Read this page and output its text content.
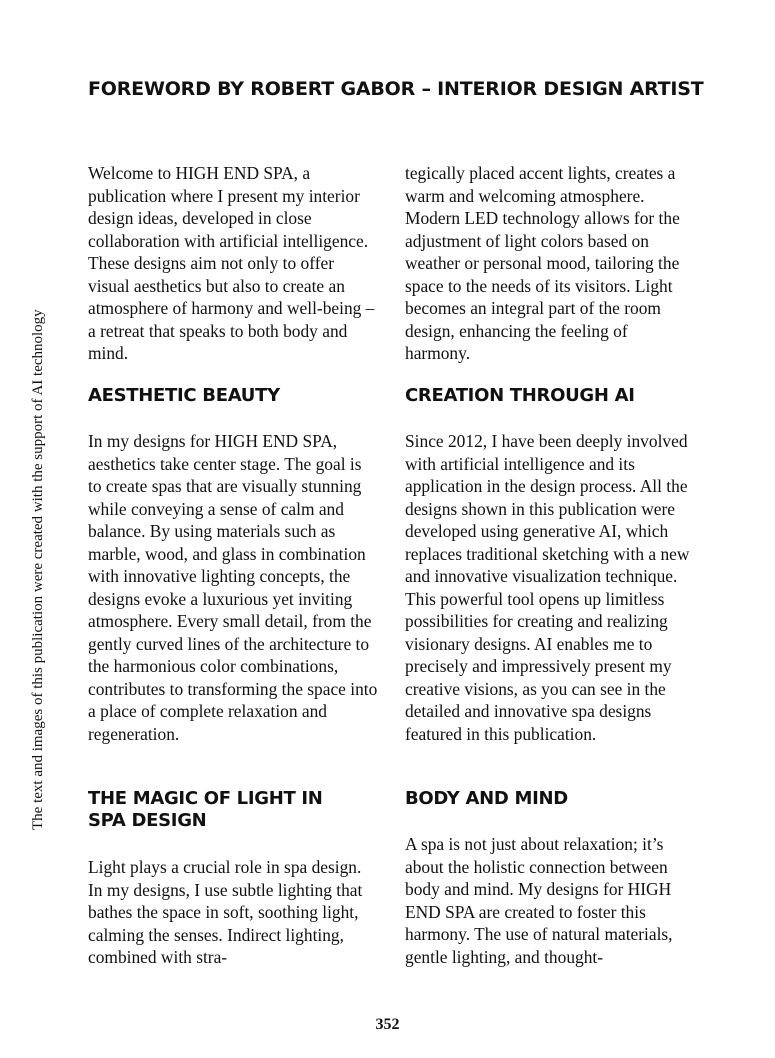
FOREWORD BY ROBERT GABOR – INTERIOR DESIGN ARTIST
The text and images of this publication were created with the support of AI technology

Welcome to HIGH END SPA, a publication where I present my interior design ideas, developed in close collaboration with artificial intelligence. These designs aim not only to offer visual aesthetics but also to create an atmosphere of harmony and well-being – a retreat that speaks to both body and mind.

AESTHETIC BEAUTY

In my designs for HIGH END SPA, aesthetics take center stage. The goal is to create spas that are visually stunning while conveying a sense of calm and balance. By using materials such as marble, wood, and glass in combination with innovative lighting concepts, the designs evoke a luxurious yet inviting atmosphere. Every small detail, from the gently curved lines of the architecture to the harmonious color combinations, contributes to transforming the space into a place of complete relaxation and regeneration.

THE MAGIC OF LIGHT IN SPA DESIGN

Light plays a crucial role in spa design. In my designs, I use subtle lighting that bathes the space in soft, soothing light, calming the senses. Indirect lighting, combined with stra-

tegically placed accent lights, creates a warm and welcoming atmosphere. Modern LED technology allows for the adjustment of light colors based on weather or personal mood, tailoring the space to the needs of its visitors. Light becomes an integral part of the room design, enhancing the feeling of harmony.

CREATION THROUGH AI

Since 2012, I have been deeply involved with artificial intelligence and its application in the design process. All the designs shown in this publication were developed using generative AI, which replaces traditional sketching with a new and innovative visualization technique. This powerful tool opens up limitless possibilities for creating and realizing visionary designs. AI enables me to precisely and impressively present my creative visions, as you can see in the detailed and innovative spa designs featured in this publication.

BODY AND MIND

A spa is not just about relaxation; it’s about the holistic connection between body and mind. My designs for HIGH END SPA are created to foster this harmony. The use of natural materials, gentle lighting, and thought-

352
